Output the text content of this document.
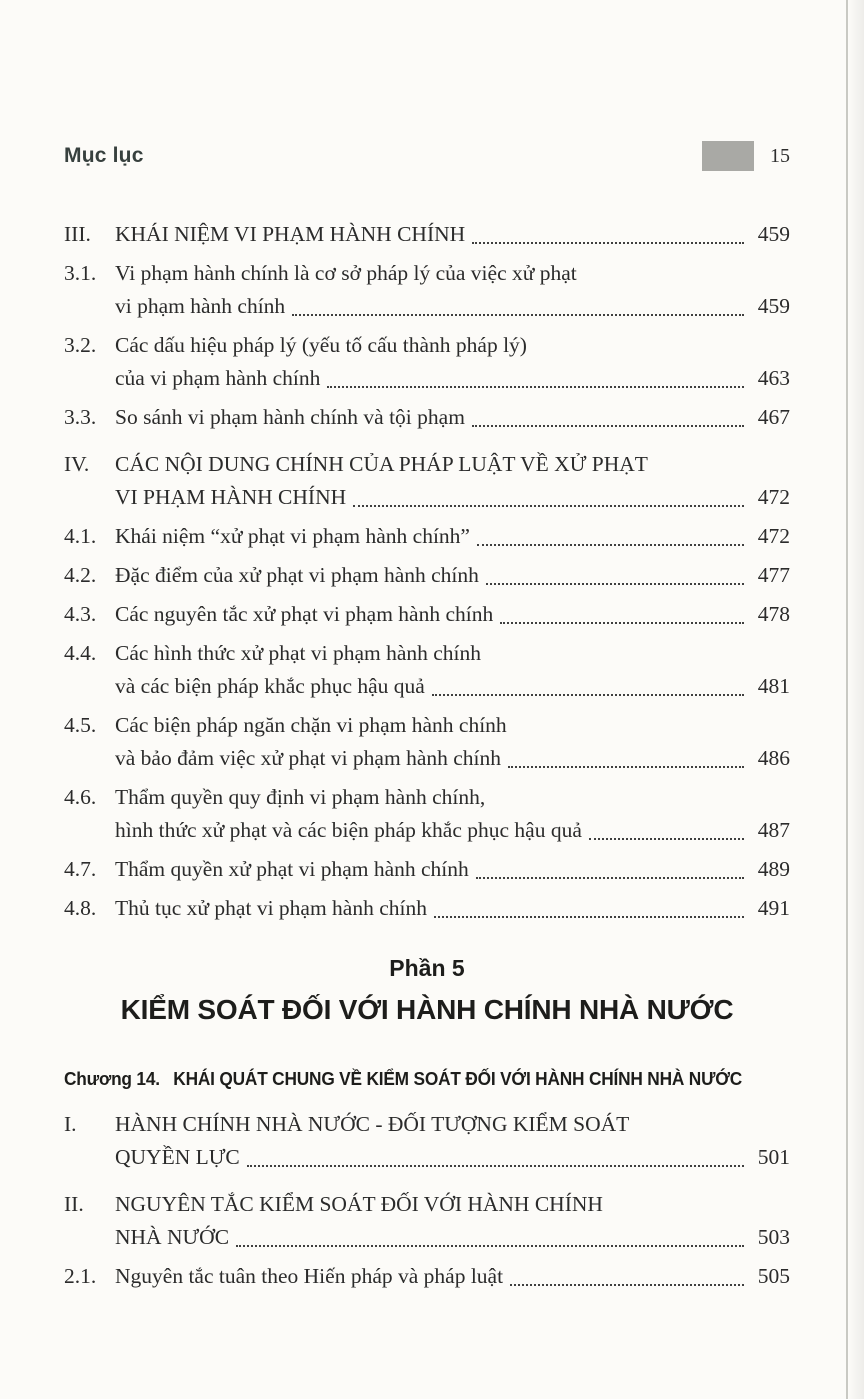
Mục lục	15
III.	KHÁI NIỆM VI PHẠM HÀNH CHÍNH	459
3.1. Vi phạm hành chính là cơ sở pháp lý của việc xử phạt
vi phạm hành chính	459
3.2. Các dấu hiệu pháp lý (yếu tố cấu thành pháp lý)
của vi phạm hành chính	463
3.3. So sánh vi phạm hành chính và tội phạm	467
IV.	CÁC NỘI DUNG CHÍNH CỦA PHÁP LUẬT VỀ XỬ PHẠT
VI PHẠM HÀNH CHÍNH	472
4.1. Khái niệm “xử phạt vi phạm hành chính”	472
4.2. Đặc điểm của xử phạt vi phạm hành chính	477
4.3. Các nguyên tắc xử phạt vi phạm hành chính	478
4.4. Các hình thức xử phạt vi phạm hành chính
và các biện pháp khắc phục hậu quả	481
4.5. Các biện pháp ngăn chặn vi phạm hành chính
và bảo đảm việc xử phạt vi phạm hành chính	486
4.6. Thẩm quyền quy định vi phạm hành chính,
hình thức xử phạt và các biện pháp khắc phục hậu quả	487
4.7. Thẩm quyền xử phạt vi phạm hành chính	489
4.8. Thủ tục xử phạt vi phạm hành chính	491
Phần 5
KIỂM SOÁT ĐỐI VỚI HÀNH CHÍNH NHÀ NƯỚC
Chương 14. KHÁI QUÁT CHUNG VỀ KIỂM SOÁT ĐỐI VỚI HÀNH CHÍNH NHÀ NƯỚC
I.	HÀNH CHÍNH NHÀ NƯỚC - ĐỐI TƯỢNG KIỂM SOÁT
QUYỀN LỰC	501
II.	NGUYÊN TẮC KIỂM SOÁT ĐỐI VỚI HÀNH CHÍNH
NHÀ NƯỚC	503
2.1. Nguyên tắc tuân theo Hiến pháp và pháp luật	505
